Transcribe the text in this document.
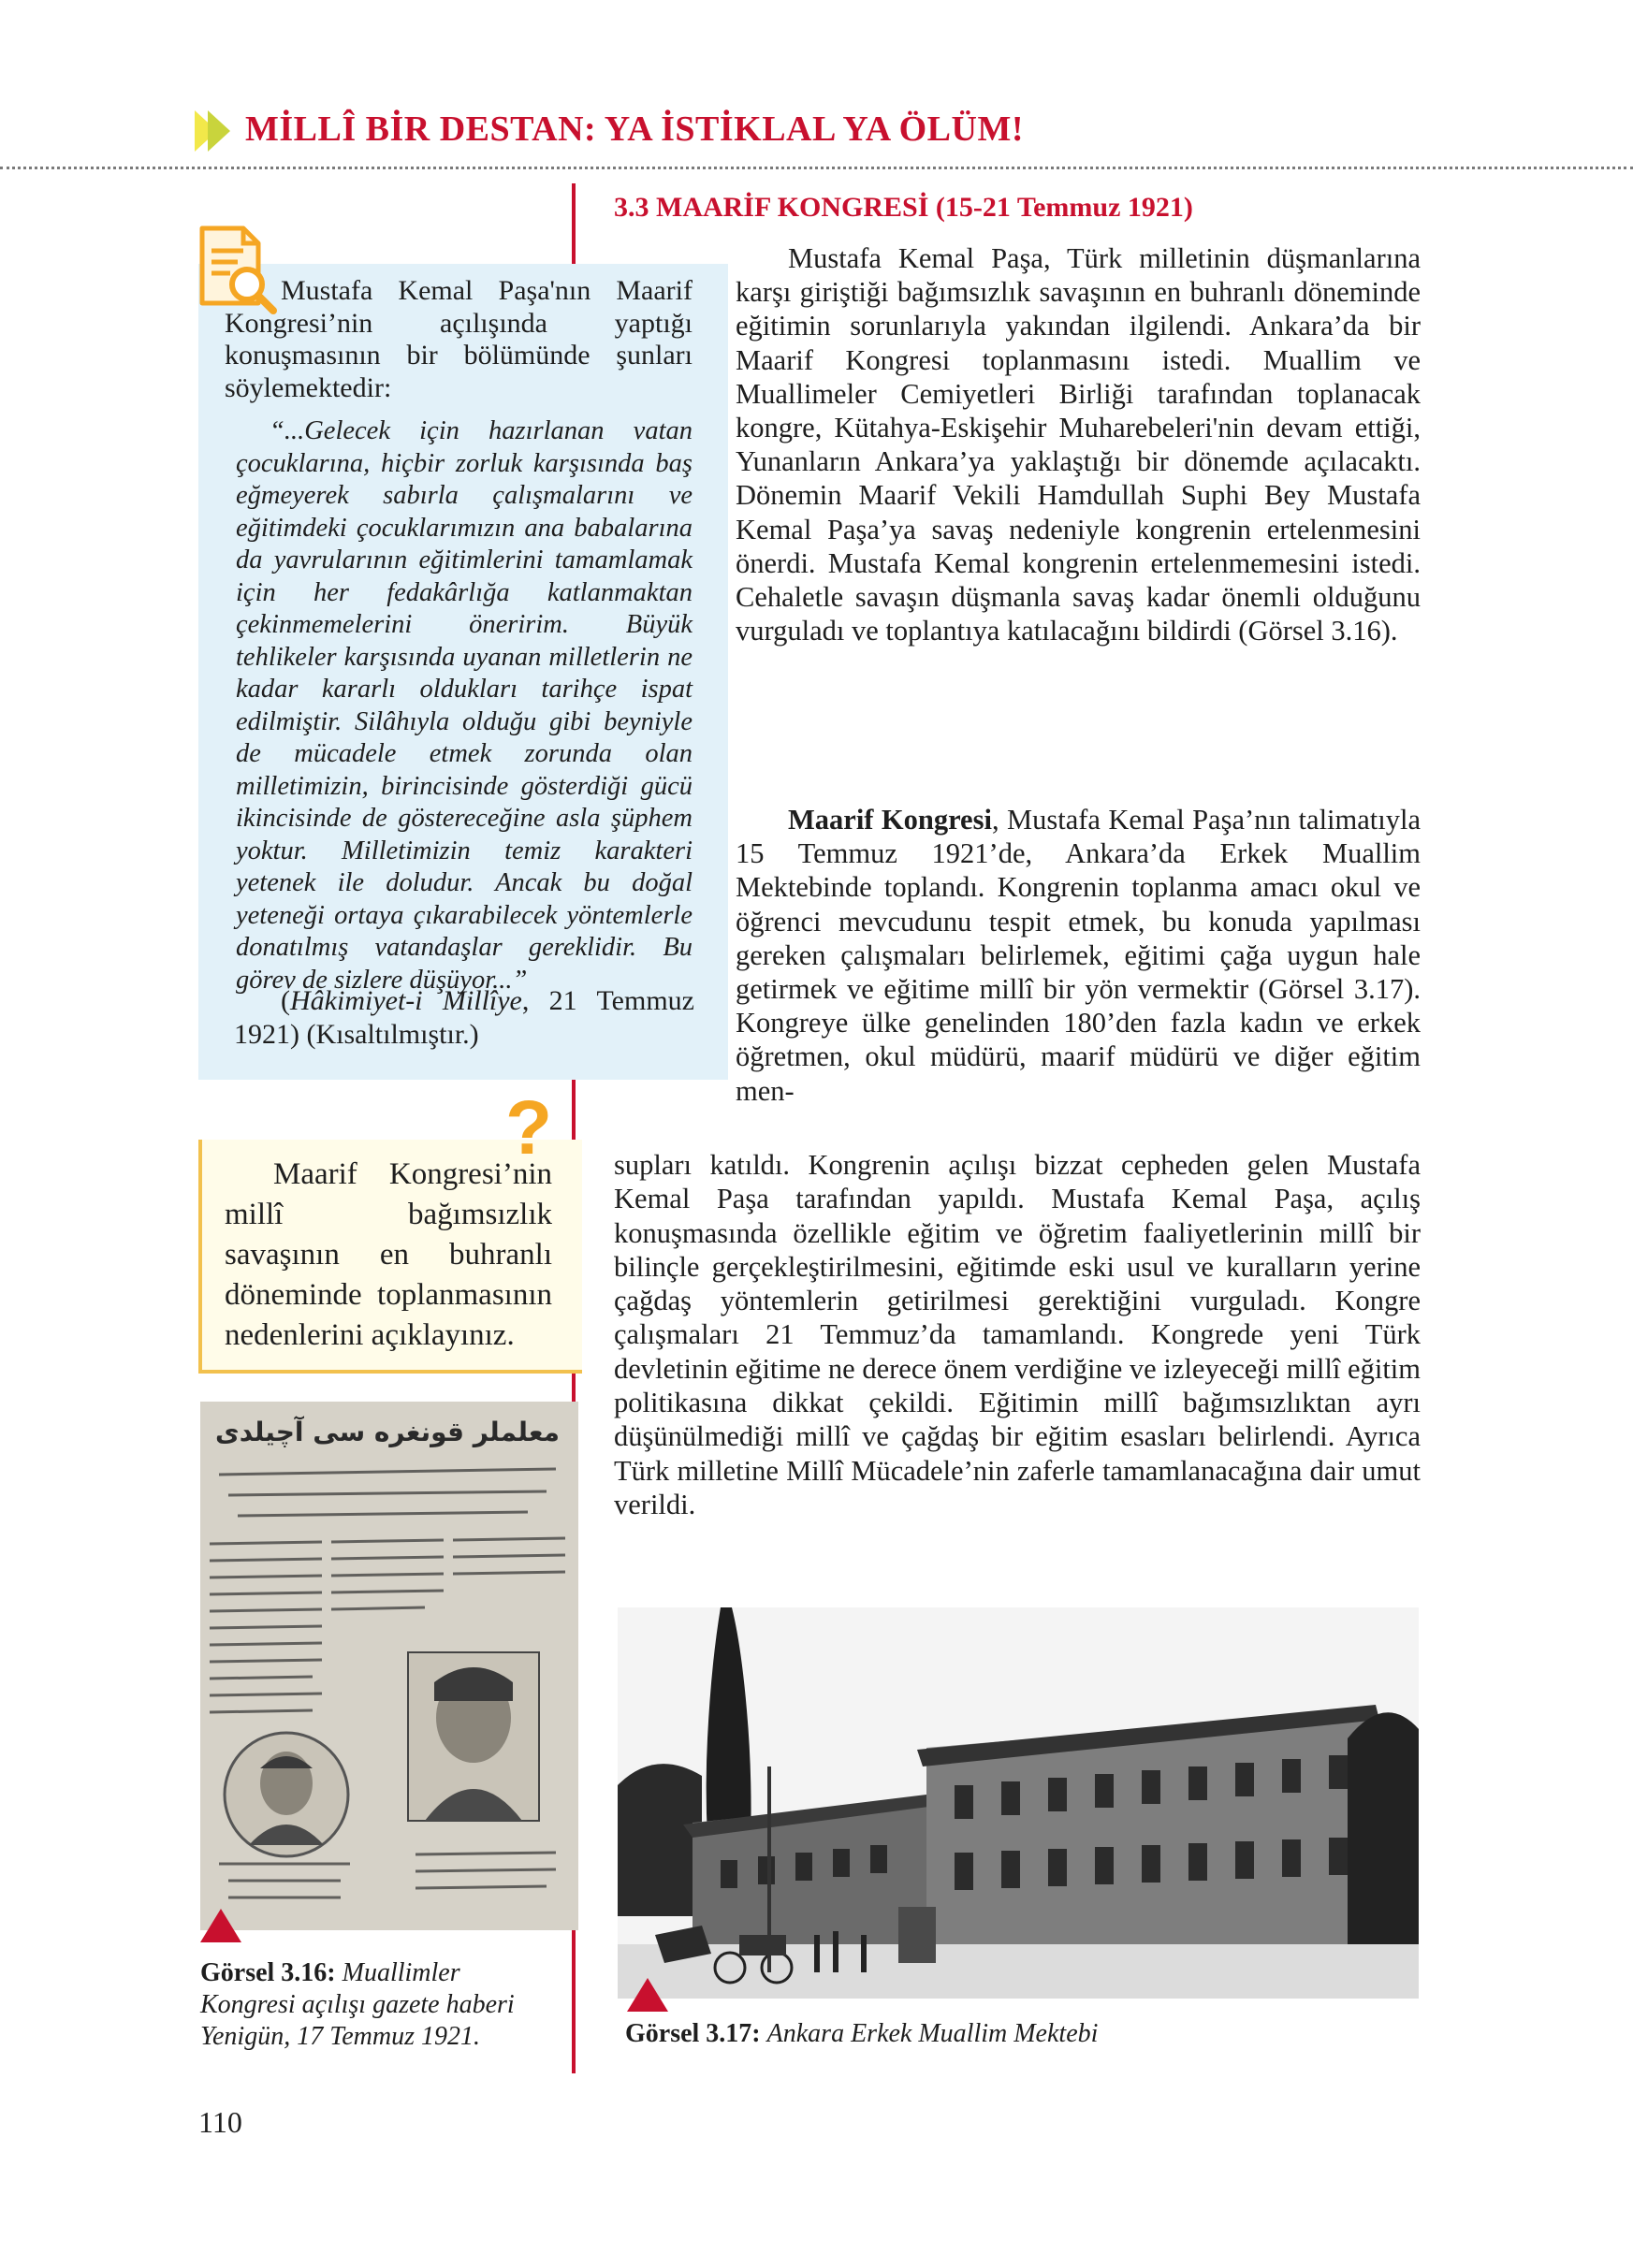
MİLLÎ BİR DESTAN: YA İSTİKLAL YA ÖLÜM!
Mustafa Kemal Paşa'nın Maarif Kongresi’nin açılışında yaptığı konuşmasının bir bölümünde şunları söylemektedir:
“...Gelecek için hazırlanan vatan çocuklarına, hiçbir zorluk karşısında baş eğmeyerek sabırla çalışmalarını ve eğitimdeki çocuklarımızın ana babalarına da yavrularının eğitimlerini tamamlamak için her fedakârlığa katlanmaktan çekinmemelerini öneririm. Büyük tehlikeler karşısında uyanan milletlerin ne kadar kararlı oldukları tarihçe ispat edilmiştir. Silâhıyla olduğu gibi beyniyle de mücadele etmek zorunda olan milletimizin, birincisinde gösterdiği gücü ikincisinde de göstereceğine asla şüphem yoktur. Milletimizin temiz karakteri yetenek ile doludur. Ancak bu doğal yeteneği ortaya çıkarabilecek yöntemlerle donatılmış vatandaşlar gereklidir. Bu görev de sizlere düşüyor...”
(Hâkimiyet-i Millîye, 21 Temmuz 1921) (Kısaltılmıştır.)
?
Maarif Kongresi’nin millî bağımsızlık savaşının en buhranlı döneminde toplanmasının nedenlerini açıklayınız.
معلملر قونغره سی آچیلدی
Görsel 3.16: Muallimler Kongresi açılışı gazete haberi Yenigün, 17 Temmuz 1921.
3.3 MAARİF KONGRESİ (15-21 Temmuz 1921)
Mustafa Kemal Paşa, Türk milletinin düşmanlarına karşı giriştiği bağımsızlık savaşının en buhranlı döneminde eğitimin sorunlarıyla yakından ilgilendi. Ankara’da bir Maarif Kongresi toplanmasını istedi. Muallim ve Muallimeler Cemiyetleri Birliği tarafından toplanacak kongre, Kütahya-Eskişehir Muharebeleri'nin devam ettiği, Yunanların Ankara’ya yaklaştığı bir dönemde açılacaktı. Dönemin Maarif Vekili Hamdullah Suphi Bey Mustafa Kemal Paşa’ya savaş nedeniyle kongrenin ertelenmesini önerdi. Mustafa Kemal kongrenin ertelenmemesini istedi. Cehaletle savaşın düşmanla savaş kadar önemli olduğunu vurguladı ve toplantıya katılacağını bildirdi (Görsel 3.16).
Maarif Kongresi, Mustafa Kemal Paşa’nın talimatıyla 15 Temmuz 1921’de, Ankara’da Erkek Muallim Mektebinde toplandı. Kongrenin toplanma amacı okul ve öğrenci mevcudunu tespit etmek, bu konuda yapılması gereken çalışmaları belirlemek, eğitimi çağa uygun hale getirmek ve eğitime millî bir yön vermektir (Görsel 3.17). Kongreye ülke genelinden 180’den fazla kadın ve erkek öğretmen, okul müdürü, maarif müdürü ve diğer eğitim men-
supları katıldı. Kongrenin açılışı bizzat cepheden gelen Mustafa Kemal Paşa tarafından yapıldı. Mustafa Kemal Paşa, açılış konuşmasında özellikle eğitim ve öğretim faaliyetlerinin millî bir bilinçle gerçekleştirilmesini, eğitimde eski usul ve kuralların yerine çağdaş yöntemlerin getirilmesi gerektiğini vurguladı. Kongre çalışmaları 21 Temmuz’da tamamlandı. Kongrede yeni Türk devletinin eğitime ne derece önem verdiğine ve izleyeceği millî eğitim politikasına dikkat çekildi. Eğitimin millî bağımsızlıktan ayrı düşünülmediği millî ve çağdaş bir eğitim esasları belirlendi. Ayrıca Türk milletine Millî Mücadele’nin zaferle tamamlanacağına dair umut verildi.
Görsel 3.17: Ankara Erkek Muallim Mektebi
110
